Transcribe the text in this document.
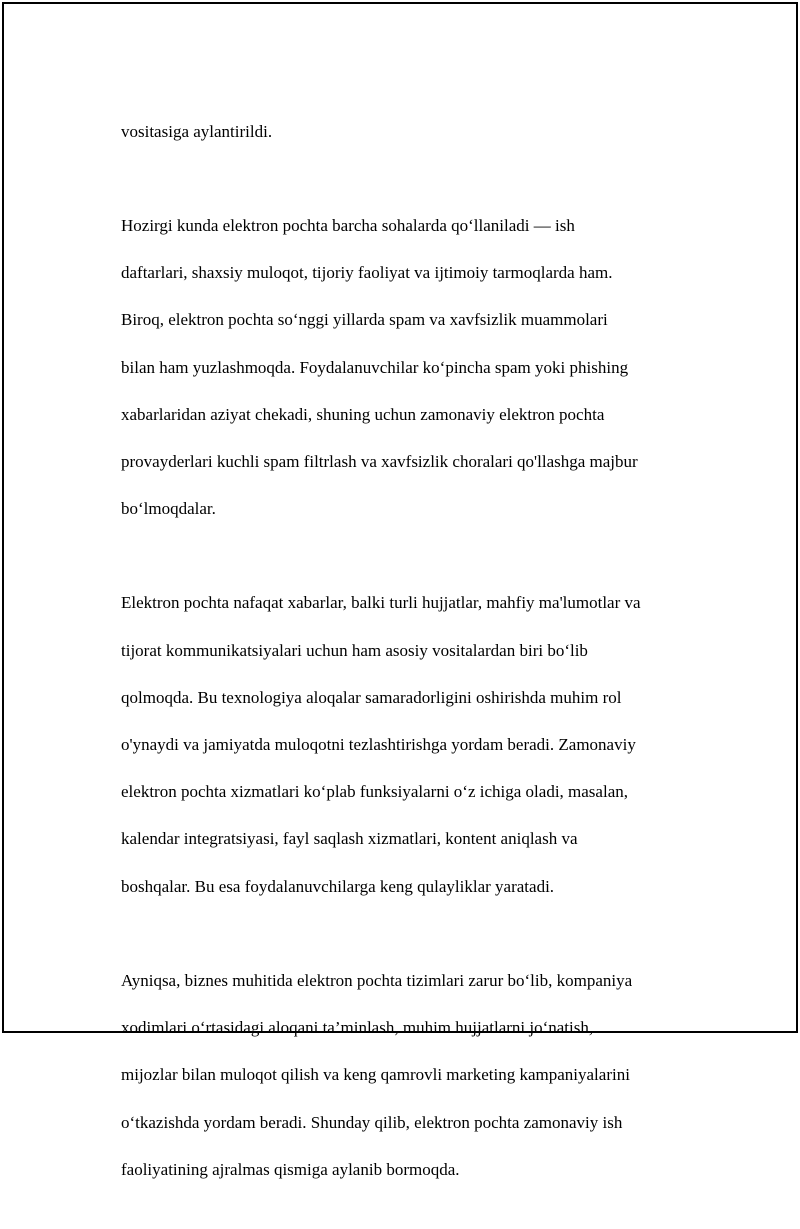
vositasiga aylantirildi.

Hozirgi kunda elektron pochta barcha sohalarda qo‘llaniladi — ish

daftarlari, shaxsiy muloqot, tijoriy faoliyat va ijtimoiy tarmoqlarda ham.

Biroq, elektron pochta so‘nggi yillarda spam va xavfsizlik muammolari

bilan ham yuzlashmoqda. Foydalanuvchilar ko‘pincha spam yoki phishing

xabarlaridan aziyat chekadi, shuning uchun zamonaviy elektron pochta

provayderlari kuchli spam filtrlash va xavfsizlik choralari qo'llashga majbur

bo‘lmoqdalar.

Elektron pochta nafaqat xabarlar, balki turli hujjatlar, mahfiy ma'lumotlar va

tijorat kommunikatsiyalari uchun ham asosiy vositalardan biri bo‘lib

qolmoqda. Bu texnologiya aloqalar samaradorligini oshirishda muhim rol

o'ynaydi va jamiyatda muloqotni tezlashtirishga yordam beradi. Zamonaviy

elektron pochta xizmatlari ko‘plab funksiyalarni o‘z ichiga oladi, masalan,

kalendar integratsiyasi, fayl saqlash xizmatlari, kontent aniqlash va

boshqalar. Bu esa foydalanuvchilarga keng qulayliklar yaratadi.

Ayniqsa, biznes muhitida elektron pochta tizimlari zarur bo‘lib, kompaniya

xodimlari o‘rtasidagi aloqani ta’minlash, muhim hujjatlarni jo‘natish,

mijozlar bilan muloqot qilish va keng qamrovli marketing kampaniyalarini

o‘tkazishda yordam beradi. Shunday qilib, elektron pochta zamonaviy ish

faoliyatining ajralmas qismiga aylanib bormoqda.
